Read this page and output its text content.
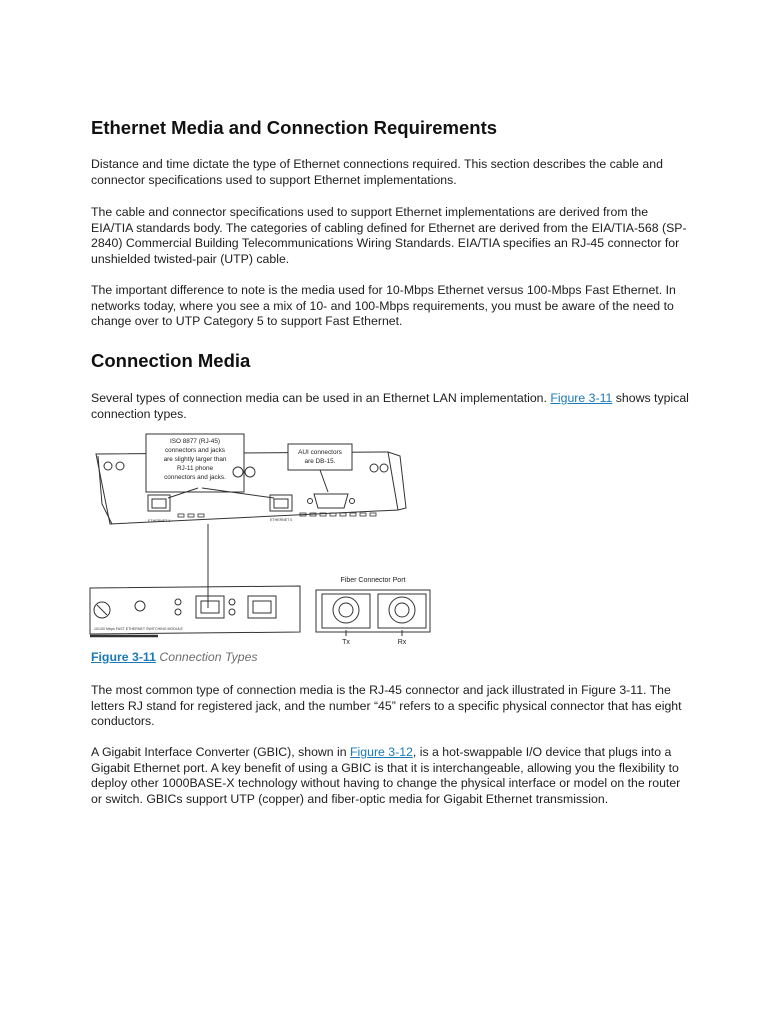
Ethernet Media and Connection Requirements

Distance and time dictate the type of Ethernet connections required. This section describes the cable and connector specifications used to support Ethernet implementations.

The cable and connector specifications used to support Ethernet implementations are derived from the EIA/TIA standards body. The categories of cabling defined for Ethernet are derived from the EIA/TIA-568 (SP-2840) Commercial Building Telecommunications Wiring Standards. EIA/TIA specifies an RJ-45 connector for unshielded twisted-pair (UTP) cable.

The important difference to note is the media used for 10-Mbps Ethernet versus 100-Mbps Fast Ethernet. In networks today, where you see a mix of 10- and 100-Mbps requirements, you must be aware of the need to change over to UTP Category 5 to support Fast Ethernet.

Connection Media

Several types of connection media can be used in an Ethernet LAN implementation. Figure 3-11 shows typical connection types.

ISO 8877 (RJ-45)
connectors and jacks
are slightly larger than
RJ-11 phone
connectors and jacks.
AUI connectors
are DB-15.
Fiber Connector Port
Tx	Rx
ETHERNET 1	ETHERNET 0
10/100 Mbps FAST ETHERNET SWITCHING MODULE
Figure 3-11 Connection Types

The most common type of connection media is the RJ-45 connector and jack illustrated in Figure 3-11. The letters RJ stand for registered jack, and the number “45” refers to a specific physical connector that has eight conductors.

A Gigabit Interface Converter (GBIC), shown in Figure 3-12, is a hot-swappable I/O device that plugs into a Gigabit Ethernet port. A key benefit of using a GBIC is that it is interchangeable, allowing you the flexibility to deploy other 1000BASE-X technology without having to change the physical interface or model on the router or switch. GBICs support UTP (copper) and fiber-optic media for Gigabit Ethernet transmission.
